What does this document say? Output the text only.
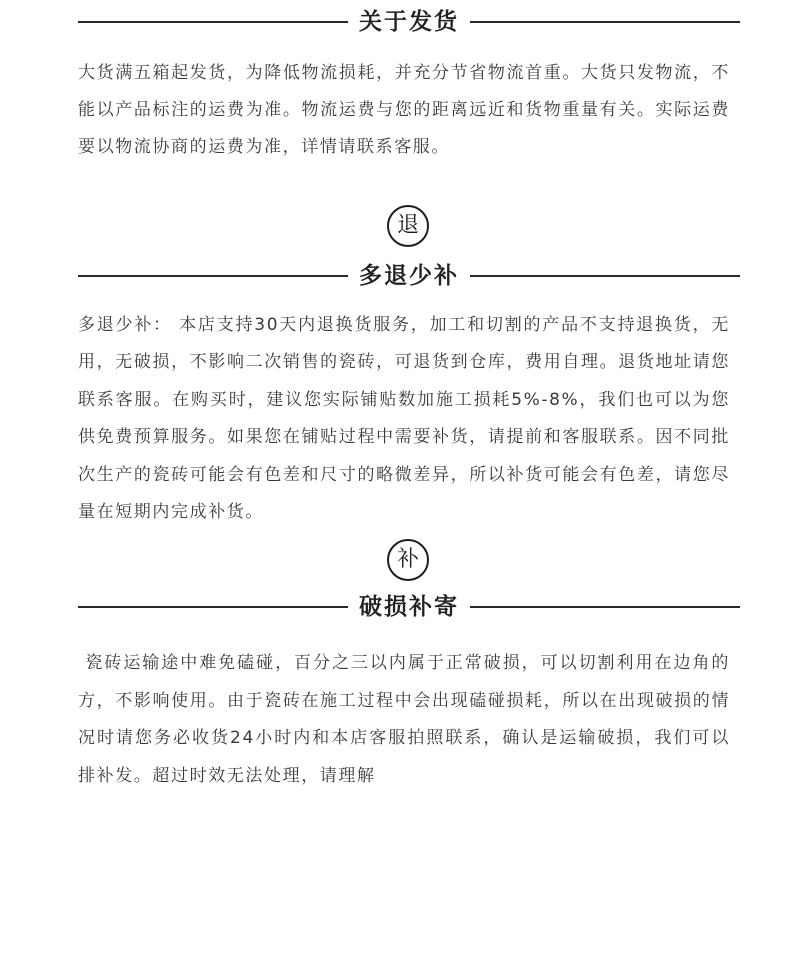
关于发货
大货满五箱起发货，为降低物流损耗，并充分节省物流首重。大货只发物流，不
能以产品标注的运费为准。物流运费与您的距离远近和货物重量有关。实际运费
要以物流协商的运费为准，详情请联系客服。
退
多退少补
多退少补： 本店支持30天内退换货服务，加工和切割的产品不支持退换货，无
用，无破损，不影响二次销售的瓷砖，可退货到仓库，费用自理。退货地址请您
联系客服。在购买时，建议您实际铺贴数加施工损耗5%-8%，我们也可以为您
供免费预算服务。如果您在铺贴过程中需要补货，请提前和客服联系。因不同批
次生产的瓷砖可能会有色差和尺寸的略微差异，所以补货可能会有色差，请您尽
量在短期内完成补货。
补
破损补寄
瓷砖运输途中难免磕碰，百分之三以内属于正常破损，可以切割利用在边角的
方，不影响使用。由于瓷砖在施工过程中会出现磕碰损耗，所以在出现破损的情
况时请您务必收货24小时内和本店客服拍照联系，确认是运输破损，我们可以
排补发。超过时效无法处理，请理解
